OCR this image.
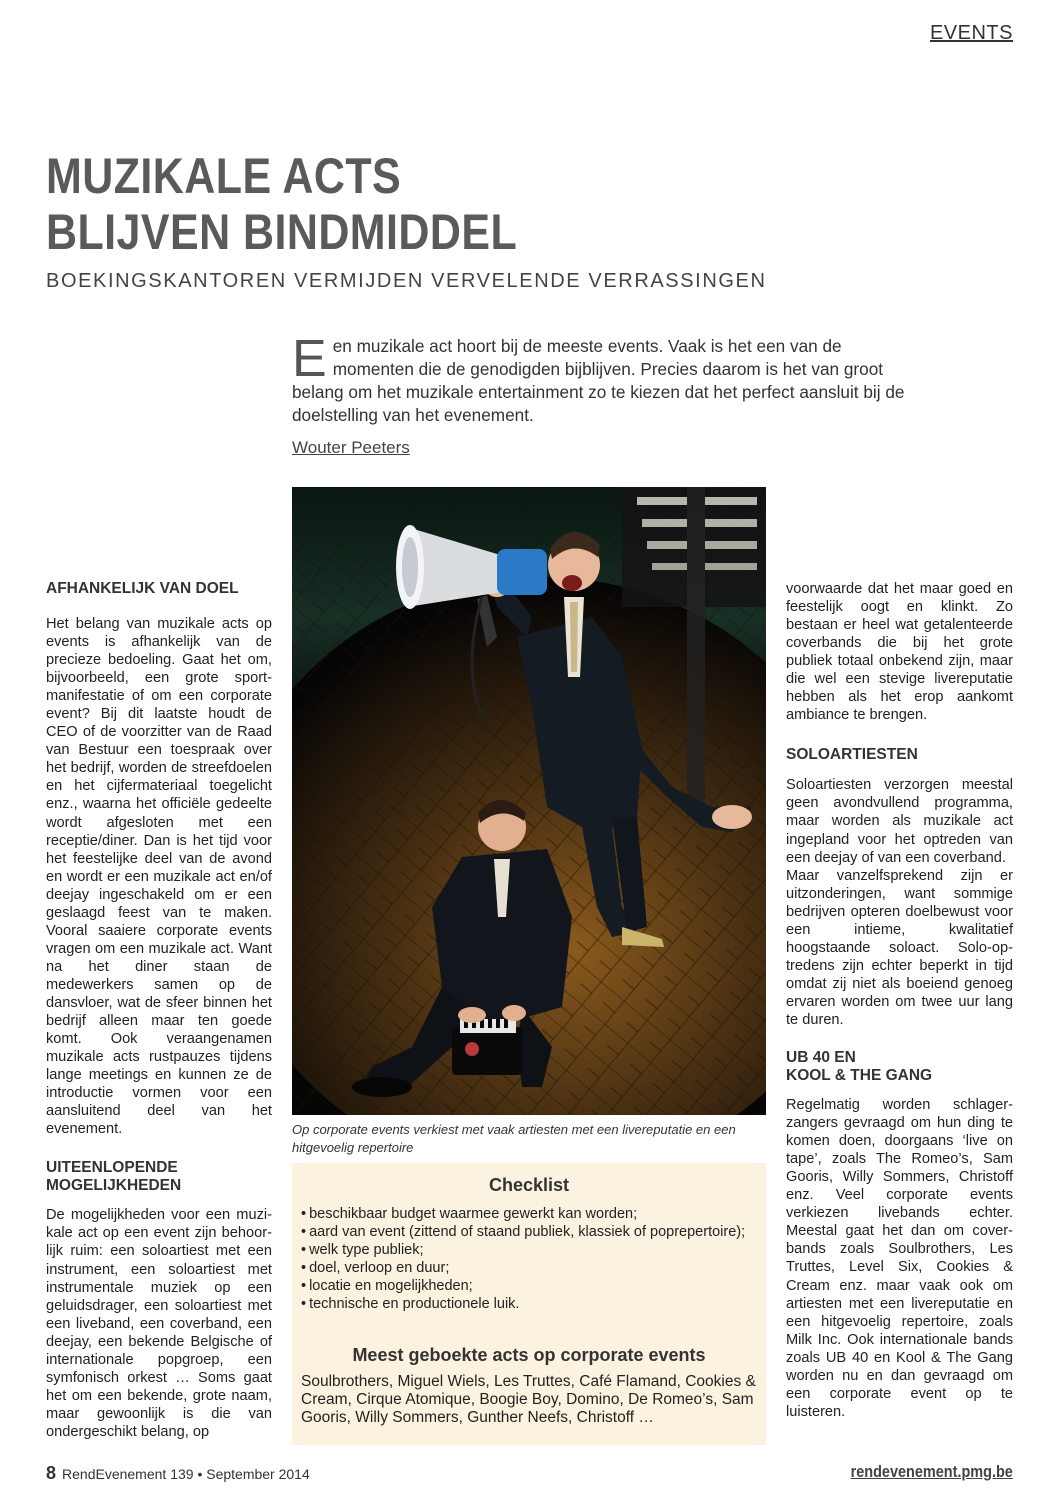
EVENTS
MUZIKALE ACTS
BLIJVEN BINDMIDDEL
BOEKINGSKANTOREN VERMIJDEN VERVELENDE VERRASSINGEN
Een muzikale act hoort bij de meeste events. Vaak is het een van de momenten die de genodigden bijblijven. Precies daarom is het van groot belang om het muzikale entertainment zo te kiezen dat het perfect aansluit bij de doelstelling van het evenement.
Wouter Peeters
AFHANKELIJK VAN DOEL
Het belang van muzikale acts op events is afhankelijk van de precieze bedoeling. Gaat het om, bijvoorbeeld, een grote sportmanifestatie of om een corporate event? Bij dit laatste houdt de CEO of de voorzitter van de Raad van Bestuur een toespraak over het bedrijf, worden de streefdoelen en het cijfermateriaal toegelicht enz., waarna het officiële gedeelte wordt afgesloten met een receptie/diner. Dan is het tijd voor het feestelijke deel van de avond en wordt er een muzikale act en/of deejay ingeschakeld om er een geslaagd feest van te maken. Vooral saaiere corporate events vragen om een muzikale act. Want na het diner staan de medewerkers samen op de dansvloer, wat de sfeer binnen het bedrijf alleen maar ten goede komt. Ook veraangenamen muzikale acts rustpauzes tijdens lange meetings en kunnen ze de introductie vormen voor een aansluitend deel van het evenement.
UITEENLOPENDE MOGELIJKHEDEN
De mogelijkheden voor een muzikale act op een event zijn behoorlijk ruim: een soloartiest met een instrument, een soloartiest met instrumentale muziek op een geluidsdrager, een soloartiest met een liveband, een coverband, een deejay, een bekende Belgische of internationale popgroep, een symfonisch orkest … Soms gaat het om een bekende, grote naam, maar gewoonlijk is die van ondergeschikt belang, op
Op corporate events verkiest met vaak artiesten met een livereputatie en een hitgevoelig repertoire
Checklist
• beschikbaar budget waarmee gewerkt kan worden;
• aard van event (zittend of staand publiek, klassiek of poprepertoire);
• welk type publiek;
• doel, verloop en duur;
• locatie en mogelijkheden;
• technische en productionele luik.
Meest geboekte acts op corporate events
Soulbrothers, Miguel Wiels, Les Truttes, Café Flamand, Cookies & Cream, Cirque Atomique, Boogie Boy, Domino, De Romeo’s, Sam Gooris, Willy Sommers, Gunther Neefs, Christoff …
voorwaarde dat het maar goed en feestelijk oogt en klinkt. Zo bestaan er heel wat getalenteerde coverbands die bij het grote publiek totaal onbekend zijn, maar die wel een stevige livereputatie hebben als het erop aankomt ambiance te brengen.
SOLOARTIESTEN
Soloartiesten verzorgen meestal geen avondvullend programma, maar worden als muzikale act ingepland voor het optreden van een deejay of van een coverband.
Maar vanzelfsprekend zijn er uitzonderingen, want sommige bedrijven opteren doelbewust voor een intieme, kwalitatief hoogstaande soloact. Solo-optredens zijn echter beperkt in tijd omdat zij niet als boeiend genoeg ervaren worden om twee uur lang te duren.
UB 40 EN
KOOL & THE GANG
Regelmatig worden schlagerzangers gevraagd om hun ding te komen doen, doorgaans ‘live on tape’, zoals The Romeo’s, Sam Gooris, Willy Sommers, Christoff enz. Veel corporate events verkiezen livebands echter. Meestal gaat het dan om coverbands zoals Soulbrothers, Les Truttes, Level Six, Cookies & Cream enz. maar vaak ook om artiesten met een livereputatie en een hitgevoelig repertoire, zoals Milk Inc. Ook internationale bands zoals UB 40 en Kool & The Gang worden nu en dan gevraagd om een corporate event op te luisteren.
8 RendEvenement 139 • September 2014	rendevenement.pmg.be
